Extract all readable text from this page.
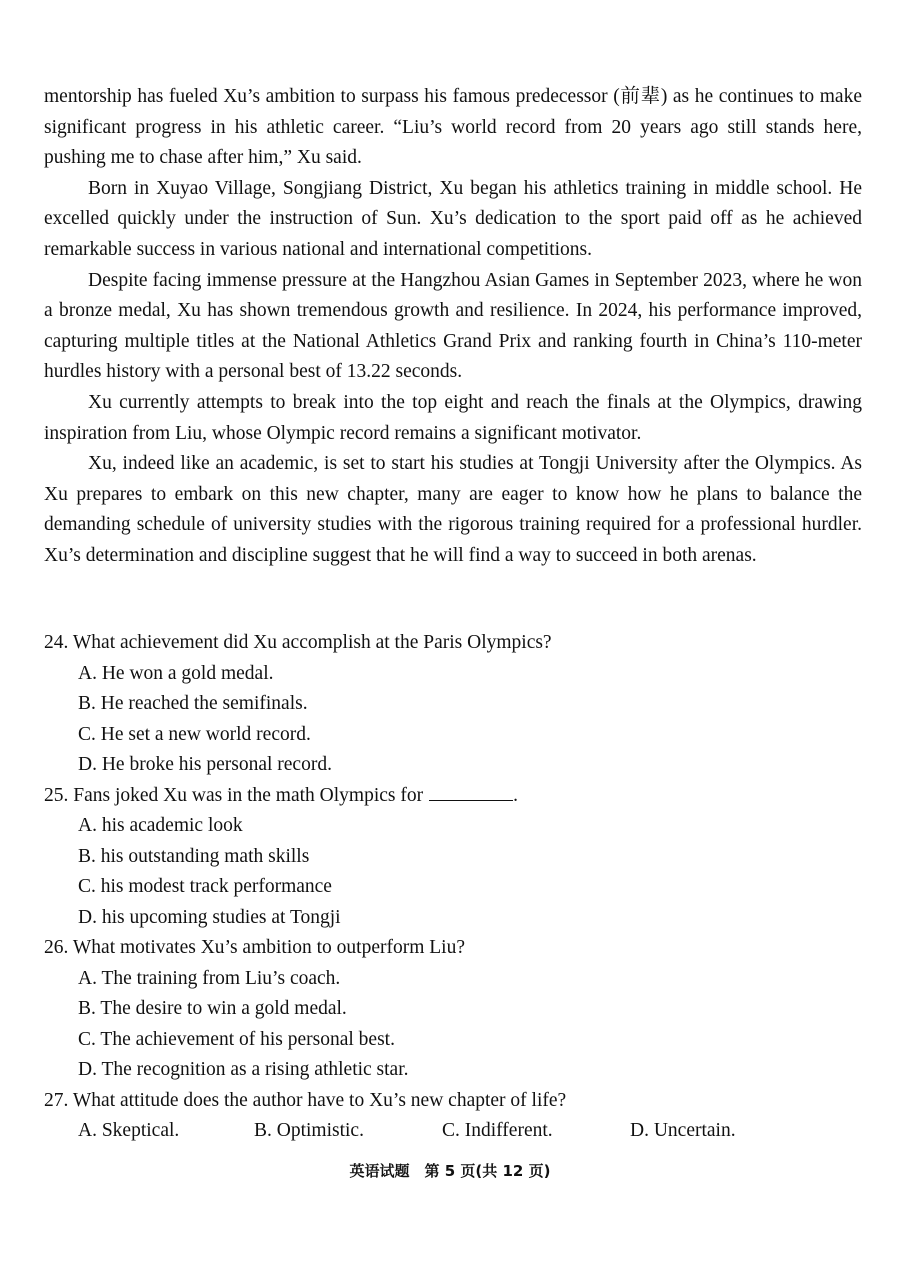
mentorship has fueled Xu’s ambition to surpass his famous predecessor (前辈) as he continues to make significant progress in his athletic career. “Liu’s world record from 20 years ago still stands here, pushing me to chase after him,” Xu said.

Born in Xuyao Village, Songjiang District, Xu began his athletics training in middle school. He excelled quickly under the instruction of Sun. Xu’s dedication to the sport paid off as he achieved remarkable success in various national and international competitions.

Despite facing immense pressure at the Hangzhou Asian Games in September 2023, where he won a bronze medal, Xu has shown tremendous growth and resilience. In 2024, his performance improved, capturing multiple titles at the National Athletics Grand Prix and ranking fourth in China’s 110-meter hurdles history with a personal best of 13.22 seconds.

Xu currently attempts to break into the top eight and reach the finals at the Olympics, drawing inspiration from Liu, whose Olympic record remains a significant motivator.

Xu, indeed like an academic, is set to start his studies at Tongji University after the Olympics. As Xu prepares to embark on this new chapter, many are eager to know how he plans to balance the demanding schedule of university studies with the rigorous training required for a professional hurdler. Xu’s determination and discipline suggest that he will find a way to succeed in both arenas.

24. What achievement did Xu accomplish at the Paris Olympics?

A. He won a gold medal.

B. He reached the semifinals.

C. He set a new world record.

D. He broke his personal record.

25. Fans joked Xu was in the math Olympics for	.

A. his academic look

B. his outstanding math skills

C. his modest track performance

D. his upcoming studies at Tongji

26. What motivates Xu’s ambition to outperform Liu?

A. The training from Liu’s coach.

B. The desire to win a gold medal.

C. The achievement of his personal best.

D. The recognition as a rising athletic star.

27. What attitude does the author have to Xu’s new chapter of life?

A. Skeptical.	B. Optimistic.	C. Indifferent.	D. Uncertain.

英语试题　第 5 页(共 12 页)
